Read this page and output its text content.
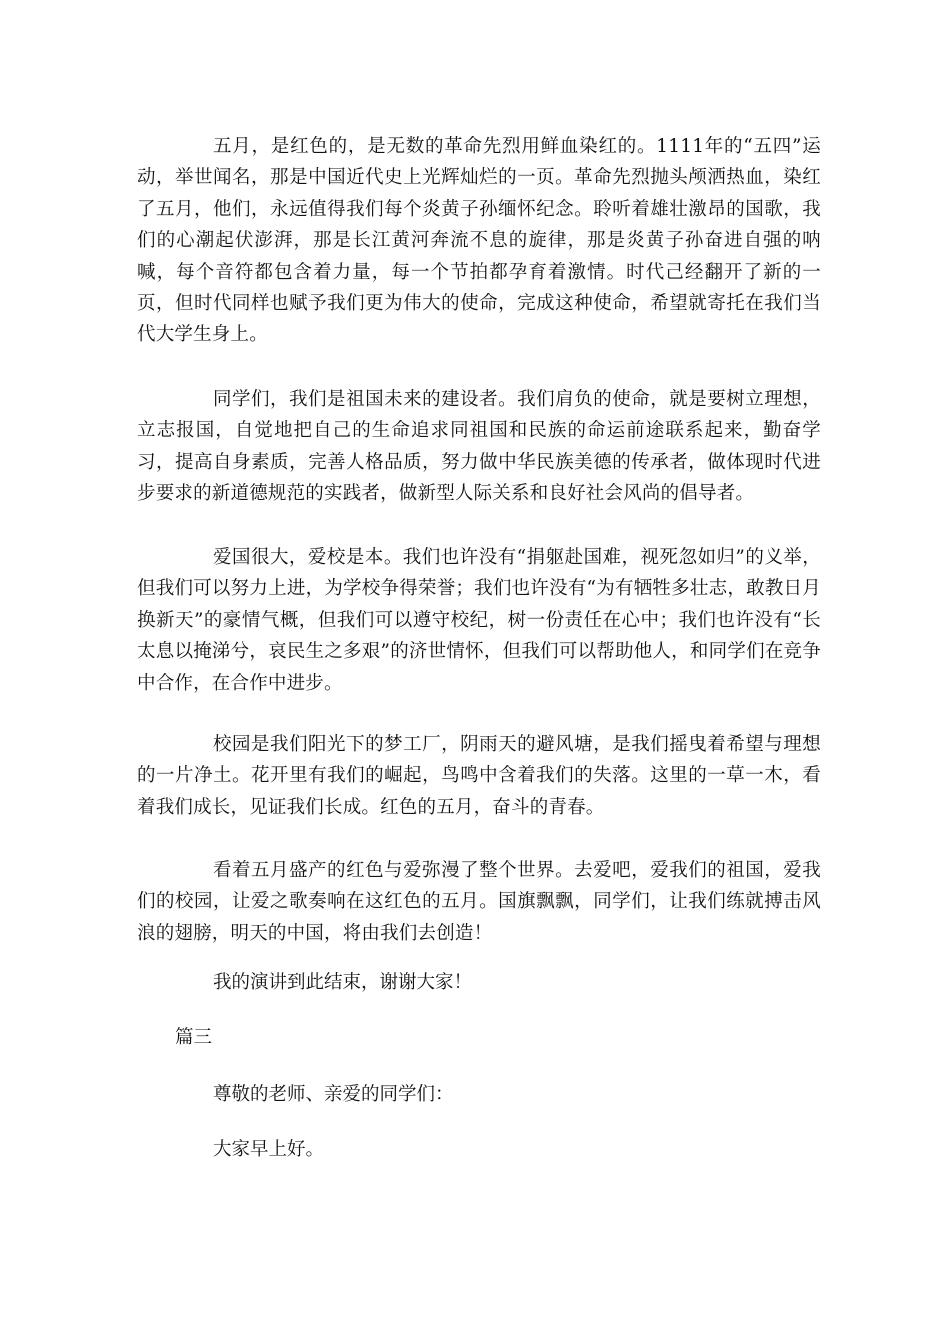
五月，是红色的，是无数的革命先烈用鲜血染红的。1111年的“五四”运动，举世闻名，那是中国近代史上光辉灿烂的一页。革命先烈抛头颅洒热血，染红了五月，他们，永远值得我们每个炎黄子孙缅怀纪念。聆听着雄壮激昂的国歌，我们的心潮起伏澎湃，那是长江黄河奔流不息的旋律，那是炎黄子孙奋进自强的呐喊，每个音符都包含着力量，每一个节拍都孕育着激情。时代己经翻开了新的一页，但时代同样也赋予我们更为伟大的使命，完成这种使命，希望就寄托在我们当代大学生身上。

同学们，我们是祖国未来的建设者。我们肩负的使命，就是要树立理想，立志报国，自觉地把自己的生命追求同祖国和民族的命运前途联系起来，勤奋学习，提高自身素质，完善人格品质，努力做中华民族美德的传承者，做体现时代进步要求的新道德规范的实践者，做新型人际关系和良好社会风尚的倡导者。

爱国很大，爱校是本。我们也许没有“捐躯赴国难，视死忽如归”的义举，但我们可以努力上进，为学校争得荣誉；我们也许没有“为有牺牲多壮志，敢教日月换新天”的豪情气概，但我们可以遵守校纪，树一份责任在心中；我们也许没有“长太息以掩涕兮，哀民生之多艰”的济世情怀，但我们可以帮助他人，和同学们在竞争中合作，在合作中进步。

校园是我们阳光下的梦工厂，阴雨天的避风塘，是我们摇曳着希望与理想的一片净土。花开里有我们的崛起，鸟鸣中含着我们的失落。这里的一草一木，看着我们成长，见证我们长成。红色的五月，奋斗的青春。

看着五月盛产的红色与爱弥漫了整个世界。去爱吧，爱我们的祖国，爱我们的校园，让爱之歌奏响在这红色的五月。国旗飘飘，同学们，让我们练就搏击风浪的翅膀，明天的中国，将由我们去创造！

我的演讲到此结束，谢谢大家！

篇三

尊敬的老师、亲爱的同学们：

大家早上好。
